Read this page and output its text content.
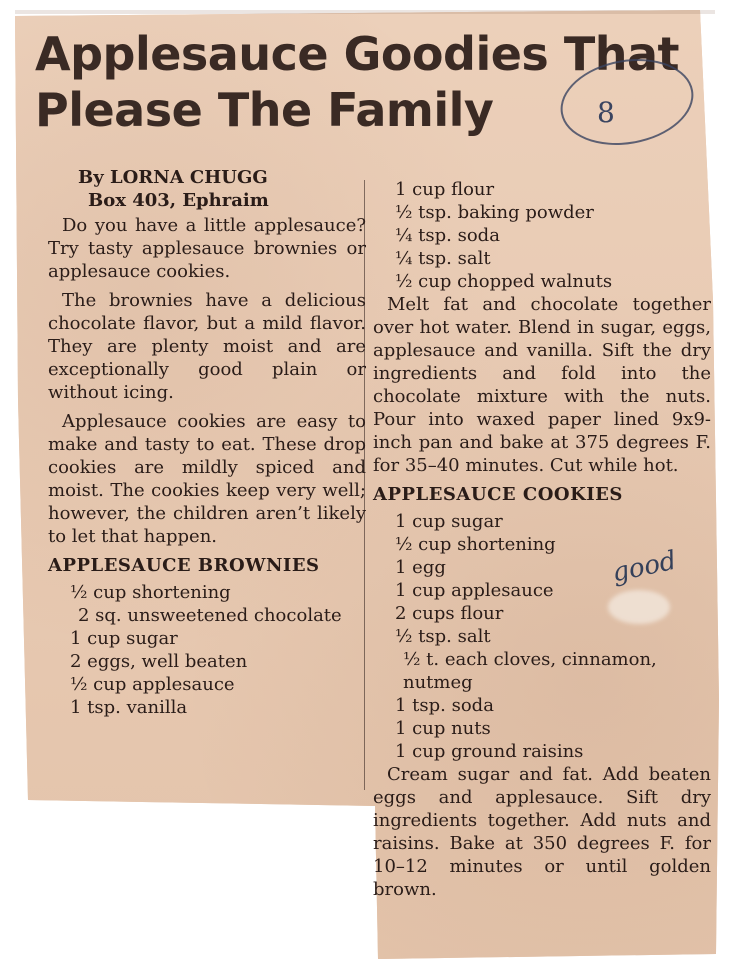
Applesauce Goodies That
Please The Family	8
By LORNA CHUGG
Box 403, Ephraim

Do you have a little applesauce? Try tasty applesauce brownies or applesauce cookies.

The brownies have a delicious chocolate flavor, but a mild flavor. They are plenty moist and are exceptionally good plain or without icing.

Applesauce cookies are easy to make and tasty to eat. These drop cookies are mildly spiced and moist. The cookies keep very well; however, the children aren’t likely to let that happen.

APPLESAUCE BROWNIES
½ cup shortening
2 sq. unsweetened chocolate
1 cup sugar
2 eggs, well beaten
½ cup applesauce
1 tsp. vanilla
1 cup flour
½ tsp. baking powder
¼ tsp. soda
¼ tsp. salt
½ cup chopped walnuts

Melt fat and chocolate together over hot water. Blend in sugar, eggs, applesauce and vanilla. Sift the dry ingredients and fold into the chocolate mixture with the nuts. Pour into waxed paper lined 9x9-inch pan and bake at 375 degrees F. for 35–40 minutes. Cut while hot.

APPLESAUCE COOKIES
1 cup sugar
½ cup shortening
1 egg
1 cup applesauce
2 cups flour
½ tsp. salt
½ t. each cloves, cinnamon, nutmeg
1 tsp. soda
1 cup nuts
1 cup ground raisins

Cream sugar and fat. Add beaten eggs and applesauce. Sift dry ingredients together. Add nuts and raisins. Bake at 350 degrees F. for 10–12 minutes or until golden brown.

good
